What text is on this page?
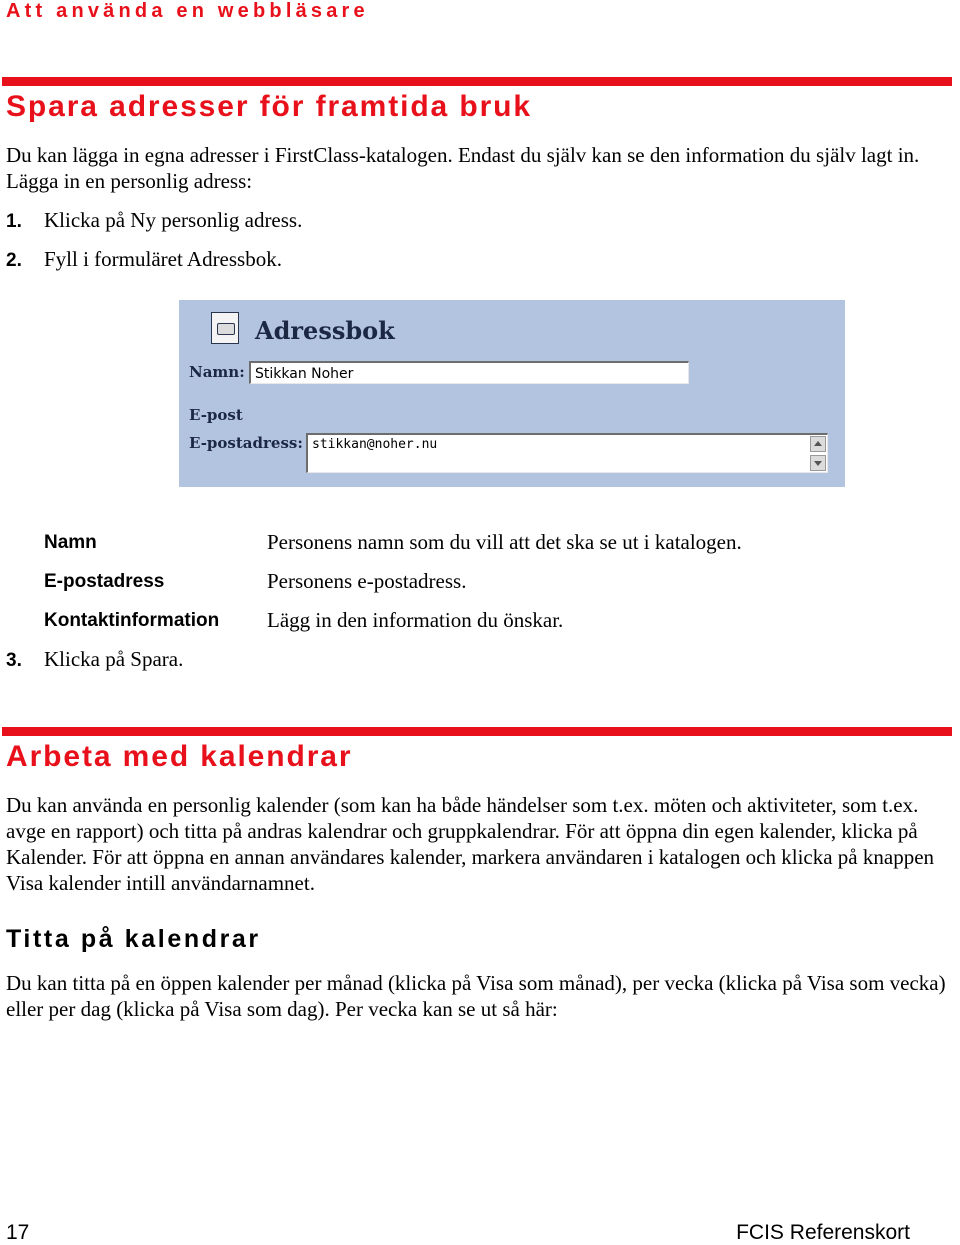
Att använda en webbläsare
Spara adresser för framtida bruk
Du kan lägga in egna adresser i FirstClass-katalogen. Endast du själv kan se den information du själv lagt in. Lägga in en personlig adress:
1. Klicka på Ny personlig adress.
2. Fyll i formuläret Adressbok.
Adressbok
Namn: Stikkan Noher
E-post
E-postadress: stikkan@noher.nu
Namn	Personens namn som du vill att det ska se ut i katalogen.
E-postadress	Personens e-postadress.
Kontaktinformation Lägg in den information du önskar.
3. Klicka på Spara.
Arbeta med kalendrar
Du kan använda en personlig kalender (som kan ha både händelser som t.ex. möten och aktiviteter, som t.ex. avge en rapport) och titta på andras kalendrar och gruppkalendrar. För att öppna din egen kalender, klicka på Kalender. För att öppna en annan användares kalender, markera användaren i katalogen och klicka på knappen Visa kalender intill användarnamnet.
Titta på kalendrar
Du kan titta på en öppen kalender per månad (klicka på Visa som månad), per vecka (klicka på Visa som vecka) eller per dag (klicka på Visa som dag). Per vecka kan se ut så här:
17	FCIS Referenskort
